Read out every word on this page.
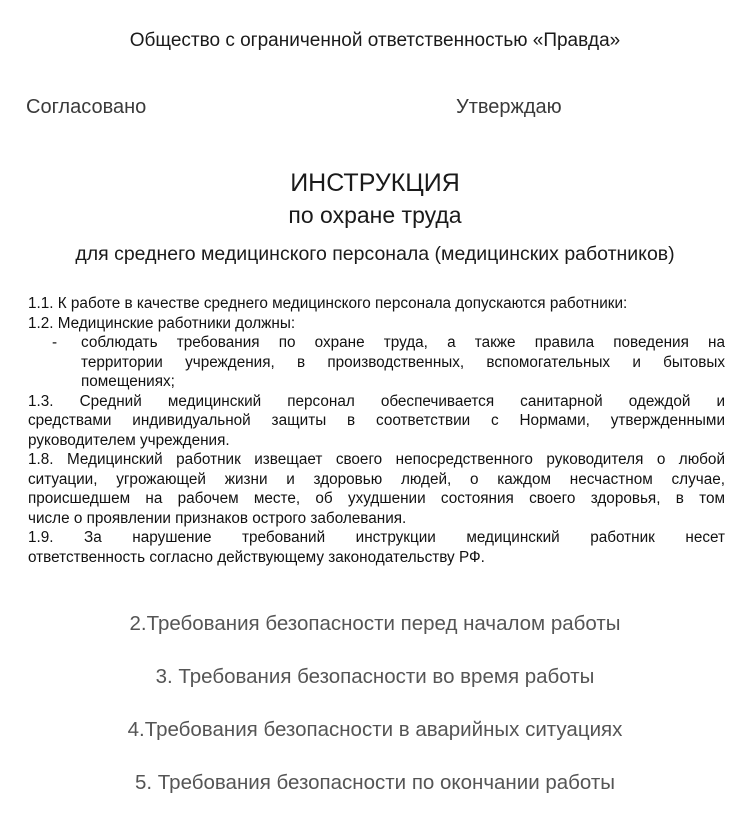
Общество с ограниченной ответственностью «Правда»
Согласовано	Утверждаю
ИНСТРУКЦИЯ
по охране труда
для среднего медицинского персонала (медицинских работников)
1.1. К работе в качестве среднего медицинского персонала допускаются работники:
1.2. Медицинские работники должны:
-	соблюдать требования по охране труда, а также правила поведения на
территории учреждения, в производственных, вспомогательных и бытовых
помещениях;
1.3. Средний медицинский персонал обеспечивается санитарной одеждой и
средствами индивидуальной защиты в соответствии с Нормами, утвержденными
руководителем учреждения.
1.8. Медицинский работник извещает своего непосредственного руководителя о любой
ситуации, угрожающей жизни и здоровью людей, о каждом несчастном случае,
происшедшем на рабочем месте, об ухудшении состояния своего здоровья, в том
числе о проявлении признаков острого заболевания.
1.9. За нарушение требований инструкции медицинский работник несет
ответственность согласно действующему законодательству РФ.
2.Требования безопасности перед началом работы
3. Требования безопасности во время работы
4.Требования безопасности в аварийных ситуациях
5. Требования безопасности по окончании работы
